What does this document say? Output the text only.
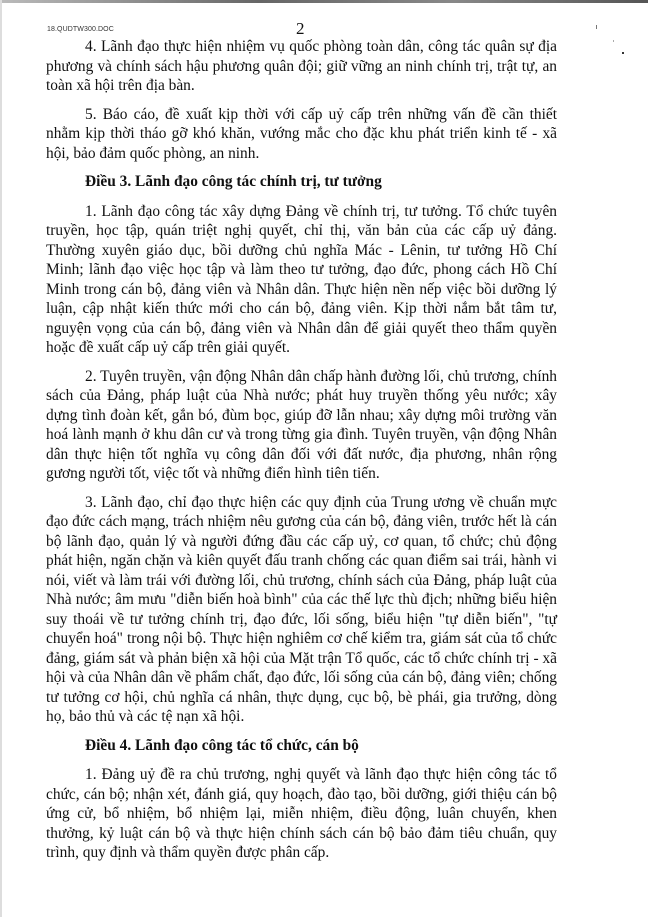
18.QUDTW300.DOC	2

4. Lãnh đạo thực hiện nhiệm vụ quốc phòng toàn dân, công tác quân sự địa phương và chính sách hậu phương quân đội; giữ vững an ninh chính trị, trật tự, an toàn xã hội trên địa bàn.

5. Báo cáo, đề xuất kịp thời với cấp uỷ cấp trên những vấn đề cần thiết nhằm kịp thời tháo gỡ khó khăn, vướng mắc cho đặc khu phát triển kinh tế - xã hội, bảo đảm quốc phòng, an ninh.

Điều 3. Lãnh đạo công tác chính trị, tư tưởng

1. Lãnh đạo công tác xây dựng Đảng về chính trị, tư tưởng. Tổ chức tuyên truyền, học tập, quán triệt nghị quyết, chỉ thị, văn bản của các cấp uỷ đảng. Thường xuyên giáo dục, bồi dưỡng chủ nghĩa Mác - Lênin, tư tưởng Hồ Chí Minh; lãnh đạo việc học tập và làm theo tư tưởng, đạo đức, phong cách Hồ Chí Minh trong cán bộ, đảng viên và Nhân dân. Thực hiện nền nếp việc bồi dưỡng lý luận, cập nhật kiến thức mới cho cán bộ, đảng viên. Kịp thời nắm bắt tâm tư, nguyện vọng của cán bộ, đảng viên và Nhân dân để giải quyết theo thẩm quyền hoặc đề xuất cấp uỷ cấp trên giải quyết.

2. Tuyên truyền, vận động Nhân dân chấp hành đường lối, chủ trương, chính sách của Đảng, pháp luật của Nhà nước; phát huy truyền thống yêu nước; xây dựng tình đoàn kết, gắn bó, đùm bọc, giúp đỡ lẫn nhau; xây dựng môi trường văn hoá lành mạnh ở khu dân cư và trong từng gia đình. Tuyên truyền, vận động Nhân dân thực hiện tốt nghĩa vụ công dân đối với đất nước, địa phương, nhân rộng gương người tốt, việc tốt và những điển hình tiên tiến.

3. Lãnh đạo, chỉ đạo thực hiện các quy định của Trung ương về chuẩn mực đạo đức cách mạng, trách nhiệm nêu gương của cán bộ, đảng viên, trước hết là cán bộ lãnh đạo, quản lý và người đứng đầu các cấp uỷ, cơ quan, tổ chức; chủ động phát hiện, ngăn chặn và kiên quyết đấu tranh chống các quan điểm sai trái, hành vi nói, viết và làm trái với đường lối, chủ trương, chính sách của Đảng, pháp luật của Nhà nước; âm mưu "diễn biến hoà bình" của các thế lực thù địch; những biểu hiện suy thoái về tư tưởng chính trị, đạo đức, lối sống, biểu hiện "tự diễn biến", "tự chuyển hoá" trong nội bộ. Thực hiện nghiêm cơ chế kiểm tra, giám sát của tổ chức đảng, giám sát và phản biện xã hội của Mặt trận Tổ quốc, các tổ chức chính trị - xã hội và của Nhân dân về phẩm chất, đạo đức, lối sống của cán bộ, đảng viên; chống tư tưởng cơ hội, chủ nghĩa cá nhân, thực dụng, cục bộ, bè phái, gia trưởng, dòng họ, bảo thủ và các tệ nạn xã hội.

Điều 4. Lãnh đạo công tác tổ chức, cán bộ

1. Đảng uỷ đề ra chủ trương, nghị quyết và lãnh đạo thực hiện công tác tổ chức, cán bộ; nhận xét, đánh giá, quy hoạch, đào tạo, bồi dưỡng, giới thiệu cán bộ ứng cử, bổ nhiệm, bổ nhiệm lại, miễn nhiệm, điều động, luân chuyển, khen thưởng, kỷ luật cán bộ và thực hiện chính sách cán bộ bảo đảm tiêu chuẩn, quy trình, quy định và thẩm quyền được phân cấp.
